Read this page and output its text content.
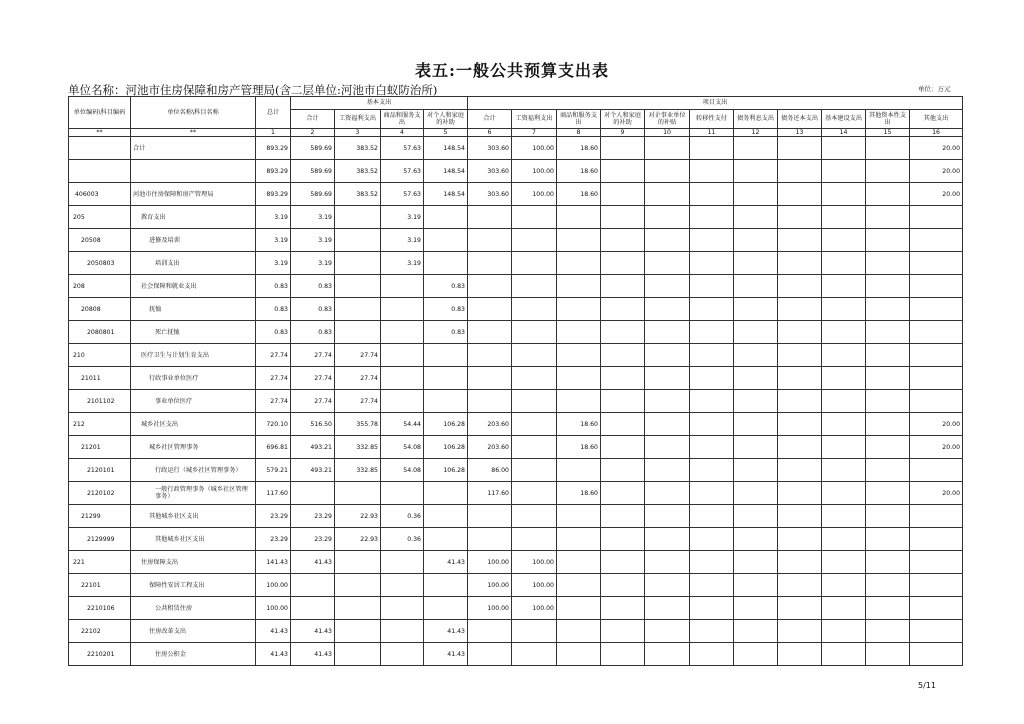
表五:一般公共预算支出表
单位名称：河池市住房保障和房产管理局(含二层单位:河池市白蚁防治所)	单位：万元
单位编码\科目编码	单位名称\科目名称	总计	基本支出				项目支出											
			合计	工资福利支出	商品和服务支出	对个人和家庭的补助	合计	工资福利支出	商品和服务支出	对个人和家庭的补助	对企事业单位的补贴	转移性支付	债务利息支出	债务还本支出	基本建设支出	其他资本性支出	其他支出	
**	**	1	2	3	4	5	6	7	8	9	10	11	12	13	14	15	16	
	合计	893.29	589.69	383.52	57.63	148.54	303.60	100.00	18.60								20.00	
		893.29	589.69	383.52	57.63	148.54	303.60	100.00	18.60								20.00	
406003	河池市住房保障和房产管理局	893.29	589.69	383.52	57.63	148.54	303.60	100.00	18.60								20.00	
205	教育支出	3.19	3.19		3.19													
20508	进修及培训	3.19	3.19		3.19													
2050803	培训支出	3.19	3.19		3.19													
208	社会保障和就业支出	0.83	0.83			0.83												
20808	抚恤	0.83	0.83			0.83												
2080801	死亡抚恤	0.83	0.83			0.83												
210	医疗卫生与计划生育支出	27.74	27.74	27.74														
21011	行政事业单位医疗	27.74	27.74	27.74														
2101102	事业单位医疗	27.74	27.74	27.74														
212	城乡社区支出	720.10	516.50	355.78	54.44	106.28	203.60		18.60								20.00	
21201	城乡社区管理事务	696.81	493.21	332.85	54.08	106.28	203.60		18.60								20.00	
2120101	行政运行（城乡社区管理事务）	579.21	493.21	332.85	54.08	106.28	86.00											
2120102	一般行政管理事务（城乡社区管理事务）	117.60					117.60		18.60								20.00	
21299	其他城乡社区支出	23.29	23.29	22.93	0.36													
2129999	其他城乡社区支出	23.29	23.29	22.93	0.36													
221	住房保障支出	141.43	41.43			41.43	100.00	100.00										
22101	保障性安居工程支出	100.00					100.00	100.00										
2210106	公共租赁住房	100.00					100.00	100.00										
22102	住房改革支出	41.43	41.43			41.43												
2210201	住房公积金	41.43	41.43			41.43												
5/11
